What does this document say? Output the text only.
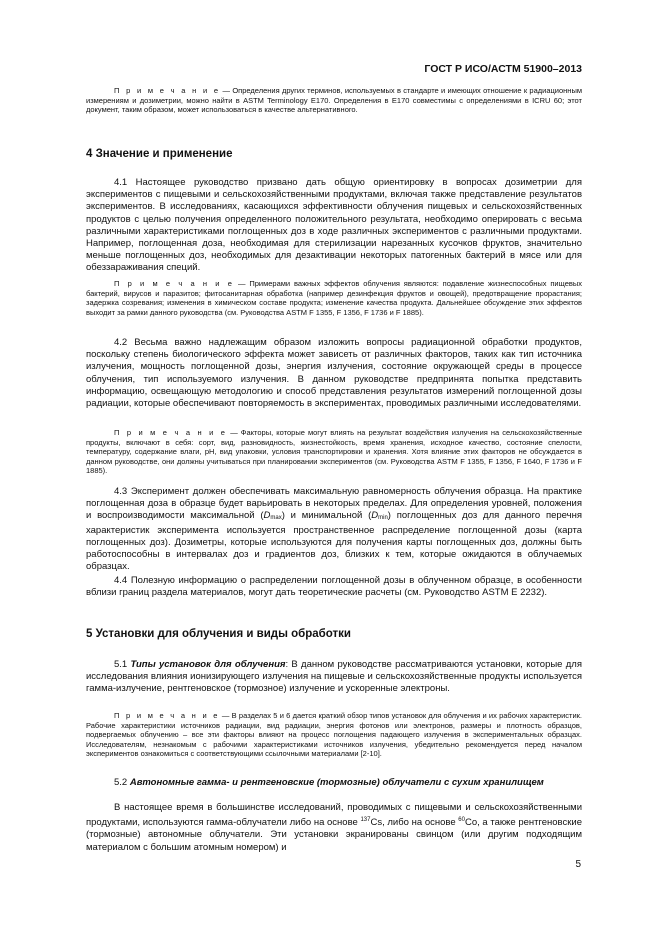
ГОСТ Р ИСО/АСТМ 51900–2013
П р и м е ч а н и е — Определения других терминов, используемых в стандарте и имеющих отношение к радиационным измерениям и дозиметрии, можно найти в ASTM Terminology E170. Определения в E170 совместимы с определениями в ICRU 60; этот документ, таким образом, может использоваться в качестве альтернативного.
4 Значение и применение
4.1 Настоящее руководство призвано дать общую ориентировку в вопросах дозиметрии для экспериментов с пищевыми и сельскохозяйственными продуктами, включая также представление результатов экспериментов. В исследованиях, касающихся эффективности облучения пищевых и сельскохозяйственных продуктов с целью получения определенного положительного результата, необходимо оперировать с весьма различными характеристиками поглощенных доз в ходе различных экспериментов с различными продуктами. Например, поглощенная доза, необходимая для стерилизации нарезанных кусочков фруктов, значительно меньше поглощенных доз, необходимых для дезактивации некоторых патогенных бактерий в мясе или для обеззараживания специй.
П р и м е ч а н и е — Примерами важных эффектов облучения являются: подавление жизнеспособных пищевых бактерий, вирусов и паразитов; фитосанитарная обработка (например дезинфекция фруктов и овощей), предотвращение прорастания; задержка созревания; изменения в химическом составе продукта; изменение качества продукта. Дальнейшее обсуждение этих эффектов выходит за рамки данного руководства (см. Руководства ASTM F 1355, F 1356, F 1736 и F 1885).
4.2 Весьма важно надлежащим образом изложить вопросы радиационной обработки продуктов, поскольку степень биологического эффекта может зависеть от различных факторов, таких как тип источника излучения, мощность поглощенной дозы, энергия излучения, состояние окружающей среды в процессе облучения, тип используемого излучения. В данном руководстве предпринята попытка представить информацию, освещающую методологию и способ представления результатов измерений поглощенной дозы радиации, которые обеспечивают повторяемость в экспериментах, проводимых различными исследователями.
П р и м е ч а н и е — Факторы, которые могут влиять на результат воздействия излучения на сельскохозяйственные продукты, включают в себя: сорт, вид, разновидность, жизнестойкость, время хранения, исходное качество, состояние спелости, температуру, содержание влаги, pH, вид упаковки, условия транспортировки и хранения. Хотя влияние этих факторов не обсуждается в данном руководстве, они должны учитываться при планировании экспериментов (см. Руководства ASTM F 1355, F 1356, F 1640, F 1736 и F 1885).
4.3 Эксперимент должен обеспечивать максимальную равномерность облучения образца. На практике поглощенная доза в образце будет варьировать в некоторых пределах. Для определения уровней, положения и воспроизводимости максимальной $(D_{max})$ и минимальной $(D_{min})$ поглощенных доз для данного перечня характеристик эксперимента используется пространственное распределение поглощенной дозы (карта поглощенных доз). Дозиметры, которые используются для получения карты поглощенных доз, должны быть работоспособны в интервалах доз и градиентов доз, близких к тем, которые ожидаются в облучаемых образцах.
4.4 Полезную информацию о распределении поглощенной дозы в облученном образце, в особенности вблизи границ раздела материалов, могут дать теоретические расчеты (см. Руководство ASTM E 2232).
5 Установки для облучения и виды обработки
5.1 Типы установок для облучения: В данном руководстве рассматриваются установки, которые для исследования влияния ионизирующего излучения на пищевые и сельскохозяйственные продукты используется гамма-излучение, рентгеновское (тормозное) излучение и ускоренные электроны.
П р и м е ч а н и е — В разделах 5 и 6 дается краткий обзор типов установок для облучения и их рабочих характеристик. Рабочие характеристики источников радиации, вид радиации, энергия фотонов или электронов, размеры и плотность образцов, подвергаемых облучению – все эти факторы влияют на процесс поглощения падающего излучения в экспериментальных образцах. Исследователям, незнакомым с рабочими характеристиками источников излучения, убедительно рекомендуется перед началом экспериментов ознакомиться с соответствующими ссылочными материалами [2-10].
5.2 Автономные гамма- и рентгеновские (тормозные) облучатели с сухим хранилищем
В настоящее время в большинстве исследований, проводимых с пищевыми и сельскохозяйственными продуктами, используются гамма-облучатели либо на основе $^{137}$Cs, либо на основе $^{60}$Co, а также рентгеновские (тормозные) автономные облучатели. Эти установки экранированы свинцом (или другим подходящим материалом с большим атомным номером) и
5
